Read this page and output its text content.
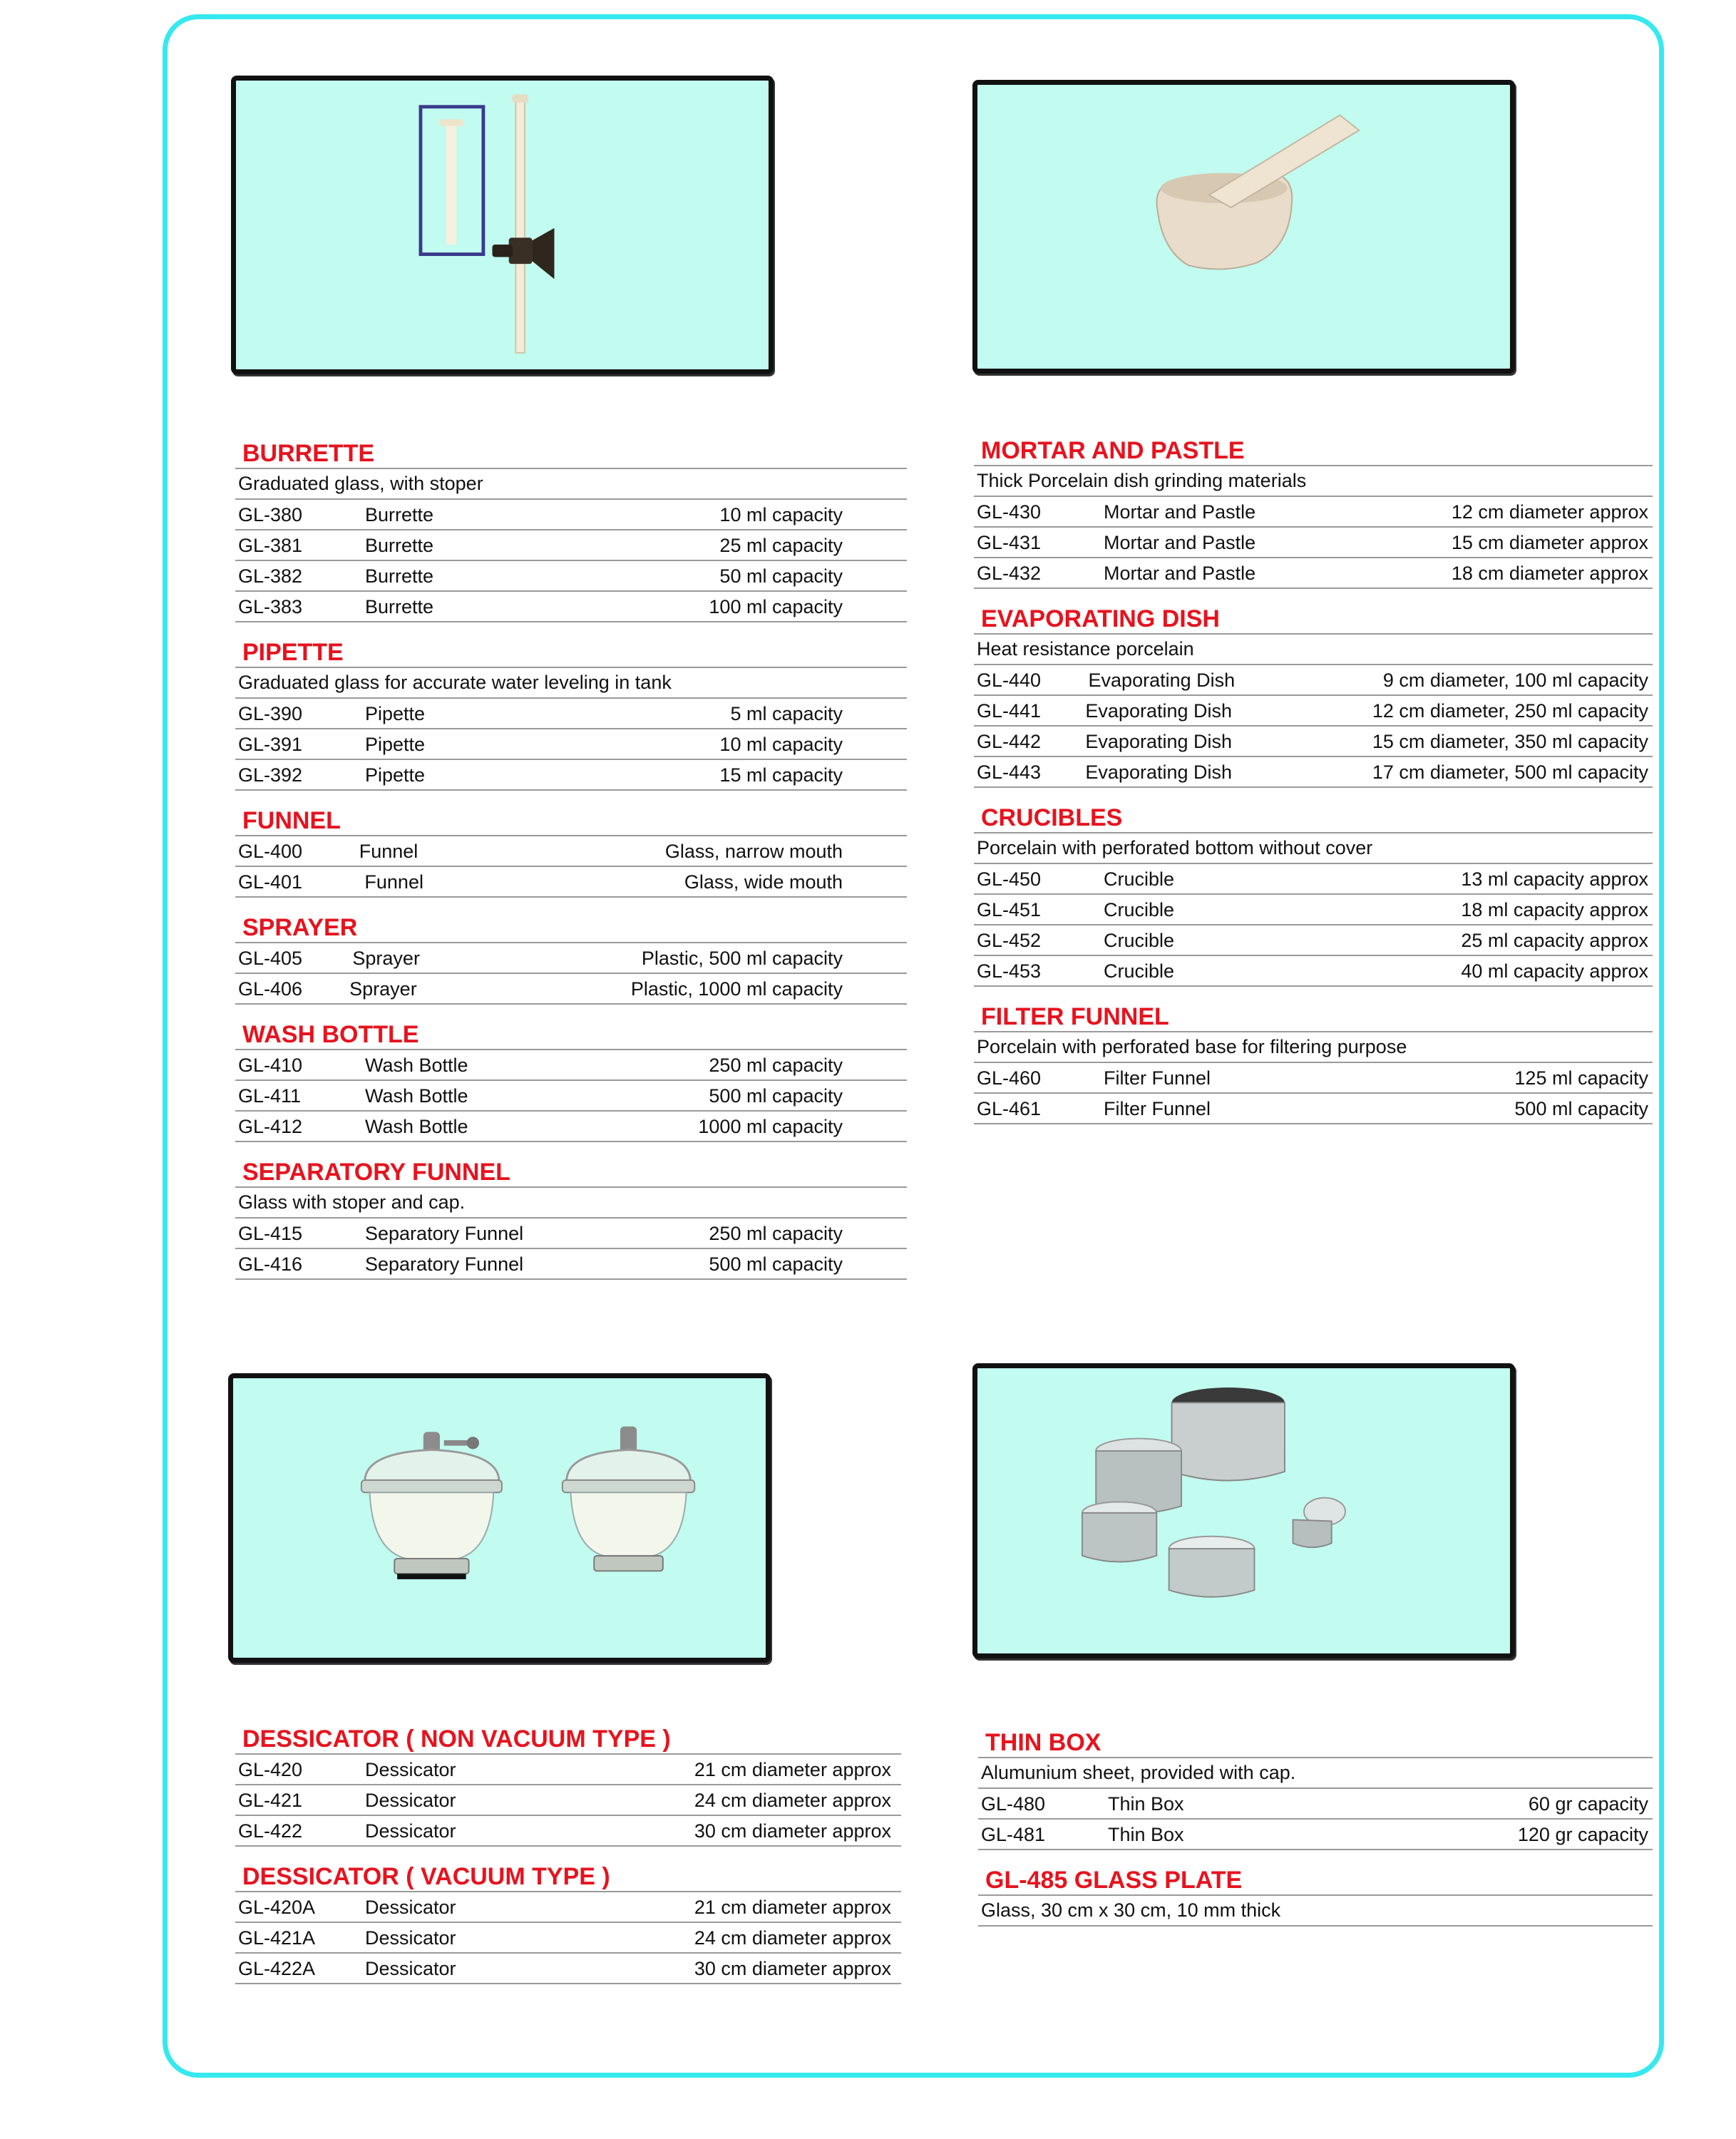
BURRETTE
Graduated glass, with stoper
GL-380	Burrette	10 ml capacity
GL-381	Burrette	25 ml capacity
GL-382	Burrette	50 ml capacity
GL-383	Burrette	100 ml capacity
PIPETTE
Graduated glass for accurate water leveling in tank
GL-390	Pipette	5 ml capacity
GL-391	Pipette	10 ml capacity
GL-392	Pipette	15 ml capacity
FUNNEL
GL-400	Funnel	Glass, narrow mouth
GL-401	Funnel	Glass, wide mouth
SPRAYER
GL-405	Sprayer	Plastic, 500 ml capacity
GL-406	Sprayer	Plastic, 1000 ml capacity
WASH BOTTLE
GL-410	Wash Bottle	250 ml capacity
GL-411	Wash Bottle	500 ml capacity
GL-412	Wash Bottle	1000 ml capacity
SEPARATORY FUNNEL
Glass with stoper and cap.
GL-415	Separatory Funnel	250 ml capacity
GL-416	Separatory Funnel	500 ml capacity
MORTAR AND PASTLE
Thick Porcelain dish grinding materials
GL-430	Mortar and Pastle	12 cm diameter approx
GL-431	Mortar and Pastle	15 cm diameter approx
GL-432	Mortar and Pastle	18 cm diameter approx
EVAPORATING DISH
Heat resistance porcelain
GL-440	Evaporating Dish	9 cm diameter, 100 ml capacity
GL-441	Evaporating Dish	12 cm diameter, 250 ml capacity
GL-442	Evaporating Dish	15 cm diameter, 350 ml capacity
GL-443	Evaporating Dish	17 cm diameter, 500 ml capacity
CRUCIBLES
Porcelain with perforated bottom without cover
GL-450	Crucible	13 ml capacity approx
GL-451	Crucible	18 ml capacity approx
GL-452	Crucible	25 ml capacity approx
GL-453	Crucible	40 ml capacity approx
FILTER FUNNEL
Porcelain with perforated base for filtering purpose
GL-460	Filter Funnel	125 ml capacity
GL-461	Filter Funnel	500 ml capacity
DESSICATOR ( NON VACUUM TYPE )
GL-420	Dessicator	21 cm diameter approx
GL-421	Dessicator	24 cm diameter approx
GL-422	Dessicator	30 cm diameter approx
DESSICATOR ( VACUUM TYPE )
GL-420A	Dessicator	21 cm diameter approx
GL-421A	Dessicator	24 cm diameter approx
GL-422A	Dessicator	30 cm diameter approx
THIN BOX
Alumunium sheet, provided with cap.
GL-480	Thin Box	60 gr capacity
GL-481	Thin Box	120 gr capacity
GL-485 GLASS PLATE
Glass, 30 cm x 30 cm, 10 mm thick
